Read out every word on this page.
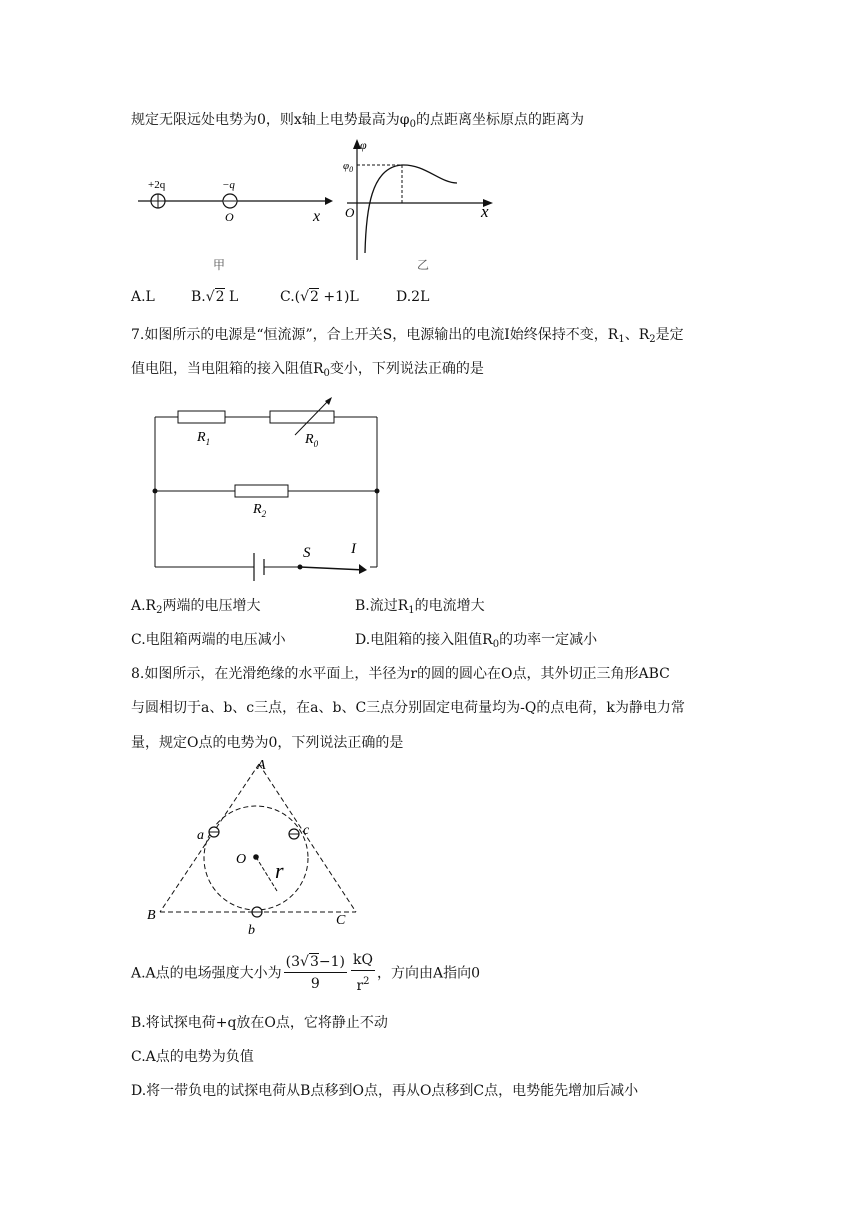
规定无限远处电势为0，则x轴上电势最高为$\varphi_0$的点距离坐标原点的距离为
+2q	−q
O	x
甲
φ
$\varphi_0$
O	x
乙
A.L	B.√2 L	C.(√2 +1)L	D.2L
7.如图所示的电源是“恒流源”，合上开关S，电源输出的电流I始终保持不变，$R_1$、$R_2$是定
值电阻，当电阻箱的接入阻值$R_0$变小，下列说法正确的是
$R_1$	$R_0$
$R_2$
S	I
$A.R_2$两端的电压增大	B.流过$R_1$的电流增大
C.电阻箱两端的电压减小	D.电阻箱的接入阻值$R_0$的功率一定减小
8.如图所示，在光滑绝缘的水平面上，半径为r的圆的圆心在O点，其外切正三角形ABC
与圆相切于a、b、c三点，在a、b、C三点分别固定电荷量均为-Q的点电荷，k为静电力常
量，规定O点的电势为0，下列说法正确的是
A
B	C
a	c
b
O r
A.A点的电场强度大小为 $\frac{(3√3-1)}{9} \frac{kQ}{r^2}$ ，方向由A指向0
B.将试探电荷+q放在O点，它将静止不动
C.A点的电势为负值
D.将一带负电的试探电荷从B点移到O点，再从O点移到C点，电势能先增加后减小
